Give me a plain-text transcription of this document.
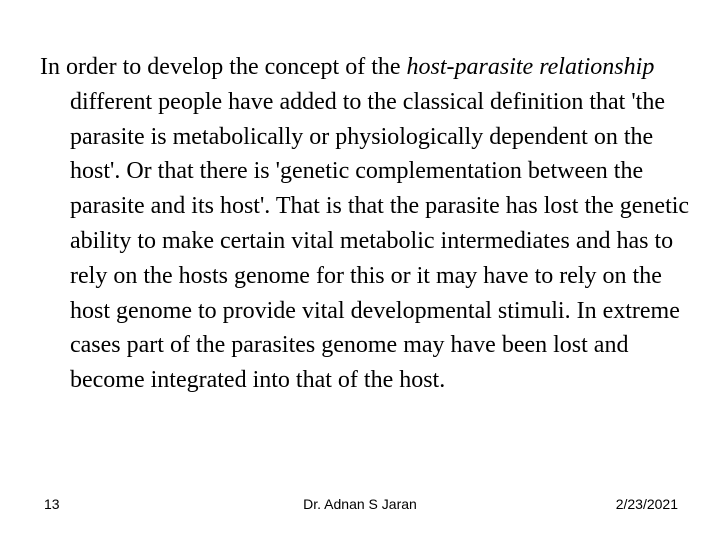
In order to develop the concept of the host-parasite relationship different people have added to the classical definition that 'the parasite is metabolically or physiologically dependent on the host'. Or that there is 'genetic complementation between the parasite and its host'. That is that the parasite has lost the genetic ability to make certain vital metabolic intermediates and has to rely on the hosts genome for this or it may have to rely on the host genome to provide vital developmental stimuli. In extreme cases part of the parasites genome may have been lost and become integrated into that of the host.

13	Dr. Adnan S Jaran	2/23/2021
